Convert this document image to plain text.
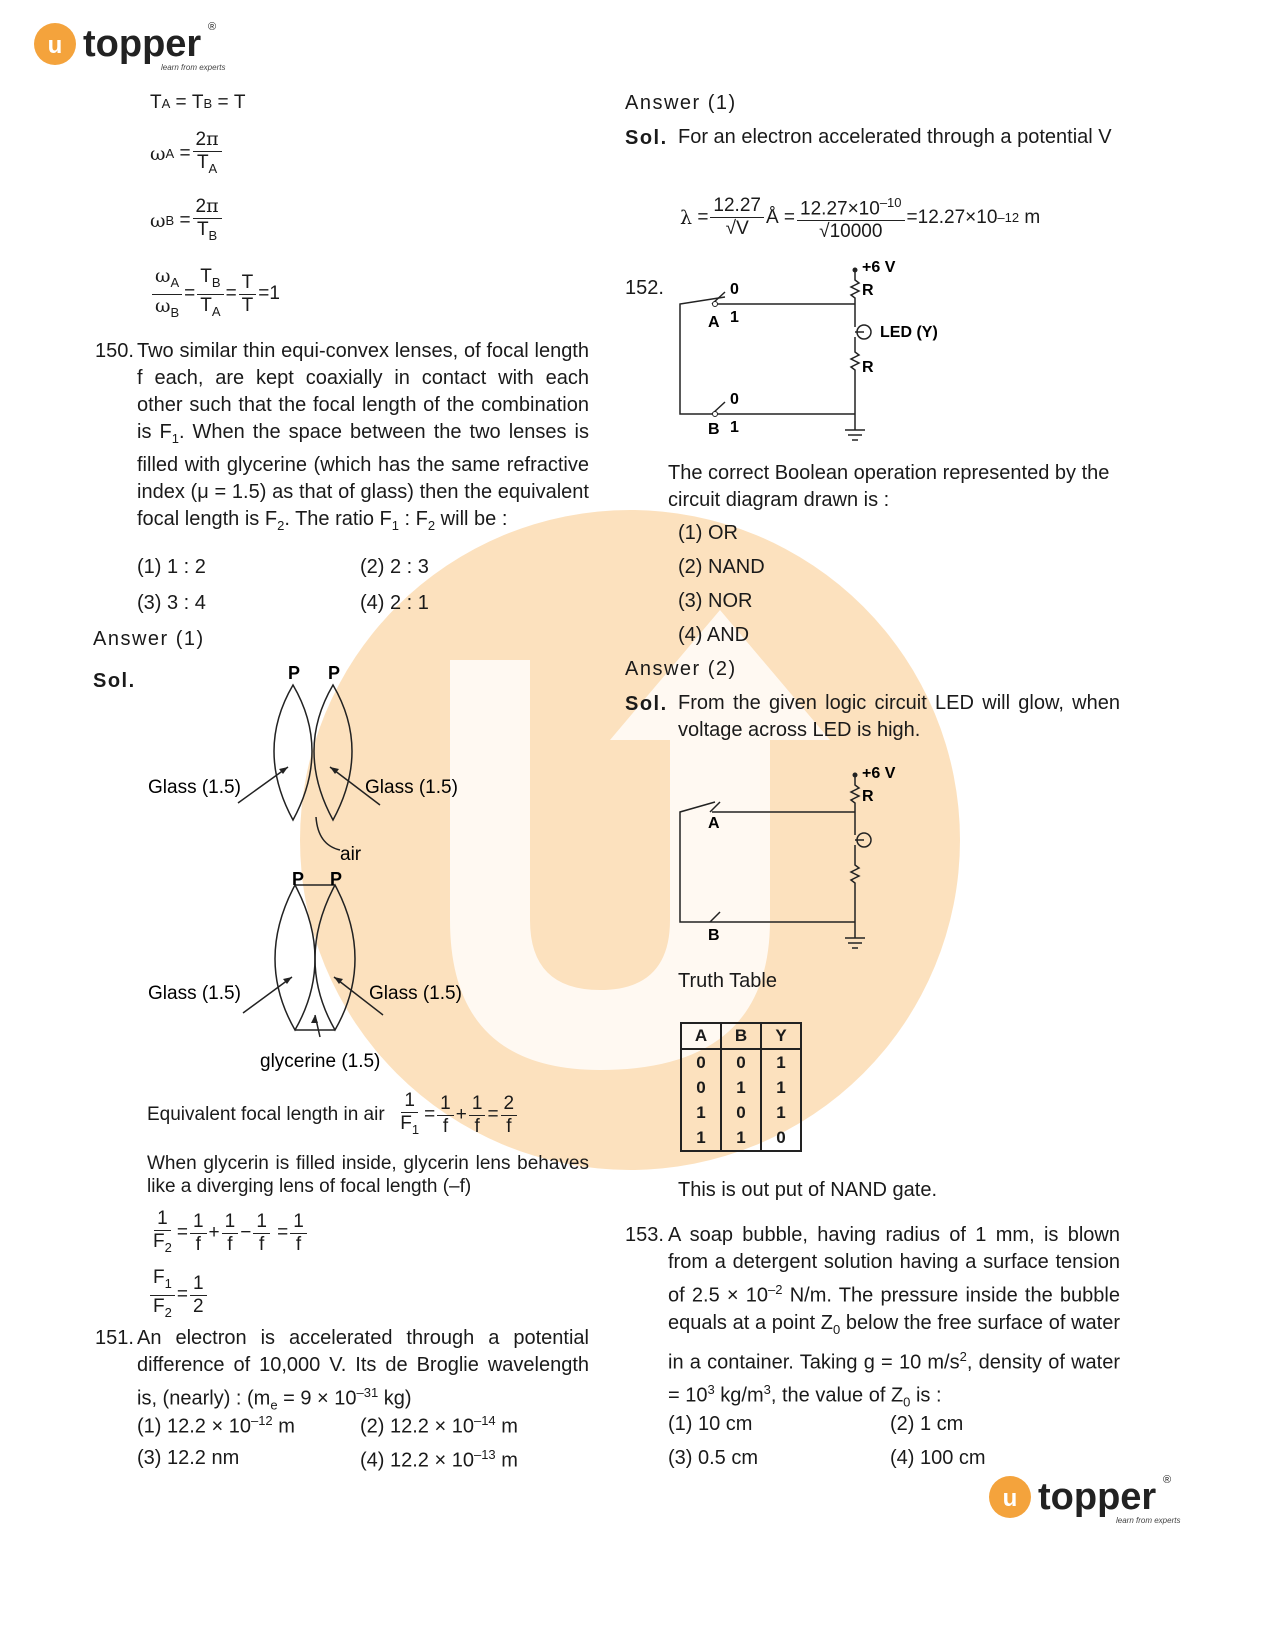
u topper ®
learn from experts
T A = T B = T
ω $A = \frac{2\pi}{T_A}$
ω $B = \frac{2\pi}{T_B}$
$\frac{\omega_A}{\omega_B} = \frac{T_B}{T_A} = \frac{T}{T} = 1$
150. Two similar thin equi-convex lenses, of focal length f each, are kept coaxially in contact with each other such that the focal length of the combination is $F_1$. When the space between the two lenses is filled with glycerine (which has the same refractive index (μ = 1.5) as that of glass) then the equivalent focal length is $F_2$. The ratio $F_1$ : $F_2$ will be :
(1) 1 : 2	(2) 2 : 3
(3) 3 : 4	(4) 2 : 1
Answer (1)
Sol.	P P
Glass (1.5)	Glass (1.5)
air
P P
Glass (1.5)	Glass (1.5)
glycerine (1.5)
Equivalent focal length in air
$\frac{1}{F_1} = \frac{1}{f} + \frac{1}{f} = \frac{2}{f}$
When glycerin is filled inside, glycerin lens behaves like a diverging lens of focal length (–f)
$\frac{1}{F_2} = \frac{1}{f} + \frac{1}{f} - \frac{1}{f} = \frac{1}{f}$
$\frac{F_1}{F_2} = \frac{1}{2}$
151. An electron is accelerated through a potential difference of 10,000 V. Its de Broglie wavelength is, (nearly) : ($m_e = 9 \times 10^{-31}$ kg)
(1) $12.2 \times 10^{-12}$ m	(2) $12.2 \times 10^{-14}$ m
(3) 12.2 nm	(4) $12.2 \times 10^{-13}$ m
Answer (1)
Sol. For an electron accelerated through a potential V
$\lambda = \frac{12.27}{√V}$ Å = $\frac{12.27\times 10^{-10}}{√10000} = 12.27\times 10$ –12
m
152.	0
A 1
0
B 1
+6 V
R
LED (Y)
R
The correct Boolean operation represented by the circuit diagram drawn is :
(1) OR
(2) NAND
(3) NOR
(4) AND
Answer (2)
Sol. From the given logic circuit LED will glow, when voltage across LED is high.
A
B
+6 V
R
Truth Table
A	B	Y
0	0	1
0	1	1
1	0	1
1	1	0
This is out put of NAND gate.
153. A soap bubble, having radius of 1 mm, is blown from a detergent solution having a surface tension of $2.5 \times 10^{-2}$ N/m. The pressure inside the bubble equals at a point $Z_0$ below the free surface of water in a container. Taking g = 10 $m/s^2$, density of water = $10^3$ $kg/m^3$, the value of $Z_0$ is :
(1) 10 cm	(2) 1 cm
(3) 0.5 cm	(4) 100 cm
u topper ®
learn from experts
